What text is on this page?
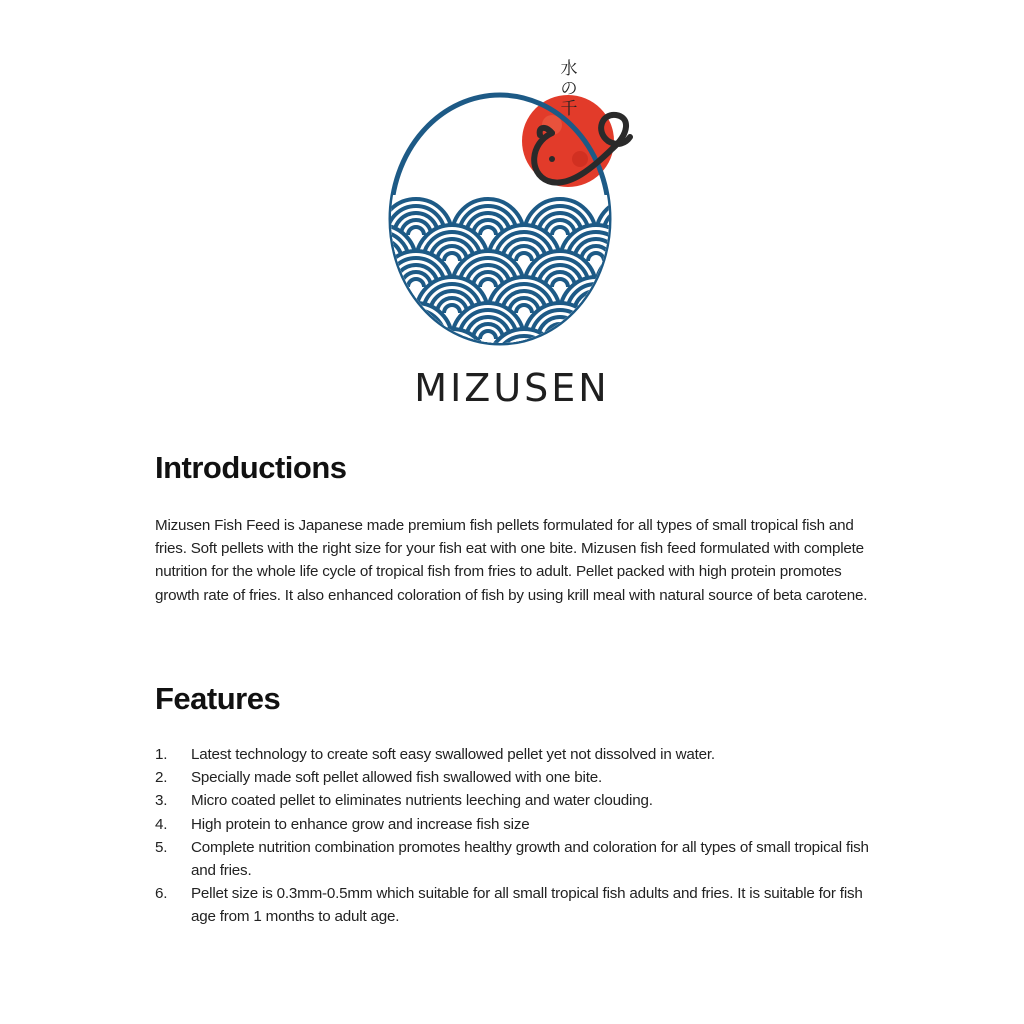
水の千
MIZUSEN
Introductions

Mizusen Fish Feed is Japanese made premium fish pellets formulated for all types of small tropical fish and fries. Soft pellets with the right size for your fish eat with one bite. Mizusen fish feed formulated with complete nutrition for the whole life cycle of tropical fish from fries to adult. Pellet packed with high protein promotes growth rate of fries. It also enhanced coloration of fish by using krill meal with natural source of beta carotene.

Features
1.	Latest technology to create soft easy swallowed pellet yet not dissolved in water.
2.	Specially made soft pellet allowed fish swallowed with one bite.
3.	Micro coated pellet to eliminates nutrients leeching and water clouding.
4.	High protein to enhance grow and increase fish size
5.	Complete nutrition combination promotes healthy growth and coloration for all types of small tropical fish and fries.
6.	Pellet size is 0.3mm-0.5mm which suitable for all small tropical fish adults and fries. It is suitable for fish age from 1 months to adult age.
